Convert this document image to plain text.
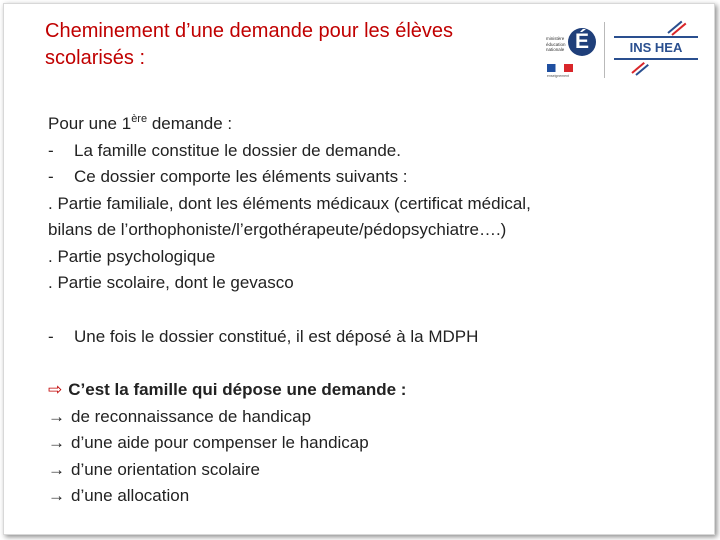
Cheminement d’une demande pour les élèves scolarisés :
ministère éducation nationale É
enseignement
INS HEA
Pour une 1ère demande :
- La famille constitue le dossier de demande.
- Ce dossier comporte les éléments suivants :
. Partie familiale, dont les éléments médicaux (certificat médical,
bilans de l’orthophoniste/l’ergothérapeute/pédopsychiatre….)
. Partie psychologique
. Partie scolaire, dont le gevasco
- Une fois le dossier constitué, il est déposé à la MDPH
⇨ C’est la famille qui dépose une demande :
→ de reconnaissance de handicap
→ d’une aide pour compenser le handicap
→ d’une orientation scolaire
→ d’une allocation
